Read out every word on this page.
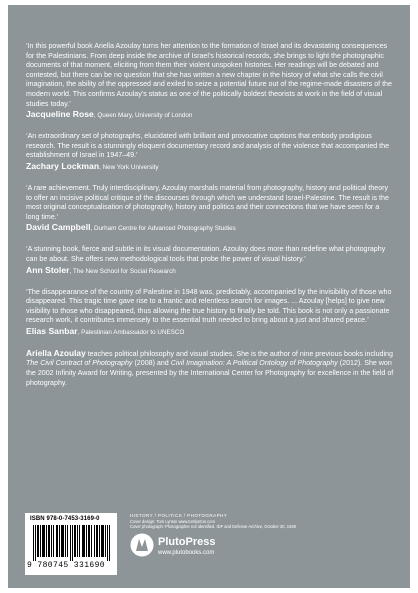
‘In this powerful book Ariella Azoulay turns her attention to the formation of Israel and its devastating consequences for the Palestinians. From deep inside the archive of Israel’s historical records, she brings to light the photographic documents of that moment, eliciting from them their violent unspoken histories. Her readings will be debated and contested, but there can be no question that she has written a new chapter in the history of what she calls the civil imagination, the ability of the oppressed and exiled to seize a potential future out of the regime-made disasters of the modern world. This confirms Azoulay’s status as one of the politically boldest theorists at work in the field of visual studies today.’

Jacqueline Rose, Queen Mary, University of London

‘An extraordinary set of photographs, elucidated with brilliant and provocative captions that embody prodigious research. The result is a stunningly eloquent documentary record and analysis of the violence that accompanied the establishment of Israel in 1947–49.’

Zachary Lockman, New York University

‘A rare achievement. Truly interdisciplinary, Azoulay marshals material from photography, history and political theory to offer an incisive political critique of the discourses through which we understand Israel-Palestine. The result is the most original conceptualisation of photography, history and politics and their connections that we have seen for a long time.’

David Campbell, Durham Centre for Advanced Photography Studies

‘A stunning book, fierce and subtle in its visual documentation. Azoulay does more than redefine what photography can be about. She offers new methodological tools that probe the power of visual history.’

Ann Stoler, The New School for Social Research

‘The disappearance of the country of Palestine in 1948 was, predictably, accompanied by the invisibility of those who disappeared. This tragic time gave rise to a frantic and relentless search for images. ... Azoulay [helps] to give new visibility to those who disappeared, thus allowing the true history to finally be told. This book is not only a passionate research work, it contributes immensely to the essential truth needed to bring about a just and shared peace.’

Elias Sanbar, Palestinian Ambassador to UNESCO

Ariella Azoulay teaches political philosophy and visual studies. She is the author of nine previous books including The Civil Contract of Photography (2008) and Civil Imagination: A Political Ontology of Photography (2012). She won the 2002 Infinity Award for Writing, presented by the International Center for Photography for excellence in the field of photography.

ISBN 978-0-7453-3169-0
9 780745 331690

HISTORY / POLITICS / PHOTOGRAPHY

Cover design: Tom Lynton www.tomlynton.com

Cover photograph: Photographer not identified. IDF and Defense Archive, October 30, 1948

PlutoPress
www.plutobooks.com
